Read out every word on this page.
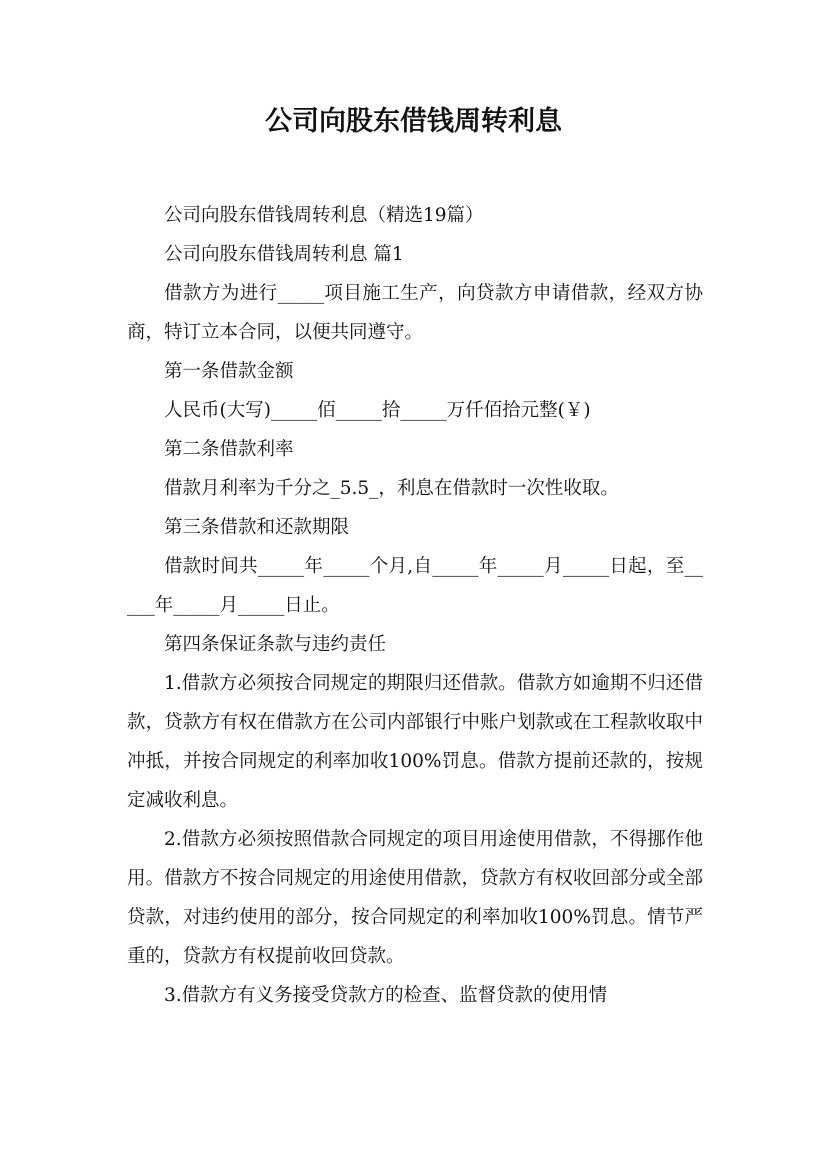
公司向股东借钱周转利息

公司向股东借钱周转利息（精选19篇）

公司向股东借钱周转利息 篇1

借款方为进行_____项目施工生产，向贷款方申请借款，经双方协商，特订立本合同，以便共同遵守。

第一条借款金额

人民币(大写)_____佰_____拾_____万仟佰拾元整(￥)

第二条借款利率

借款月利率为千分之_5.5_，利息在借款时一次性收取。

第三条借款和还款期限

借款时间共_____年_____个月,自_____年_____月_____日起，至_____年_____月_____日止。

第四条保证条款与违约责任

1.借款方必须按合同规定的期限归还借款。借款方如逾期不归还借款，贷款方有权在借款方在公司内部银行中账户划款或在工程款收取中冲抵，并按合同规定的利率加收100%罚息。借款方提前还款的，按规定减收利息。

2.借款方必须按照借款合同规定的项目用途使用借款，不得挪作他用。借款方不按合同规定的用途使用借款，贷款方有权收回部分或全部贷款，对违约使用的部分，按合同规定的利率加收100%罚息。情节严重的，贷款方有权提前收回贷款。

3.借款方有义务接受贷款方的检查、监督贷款的使用情
